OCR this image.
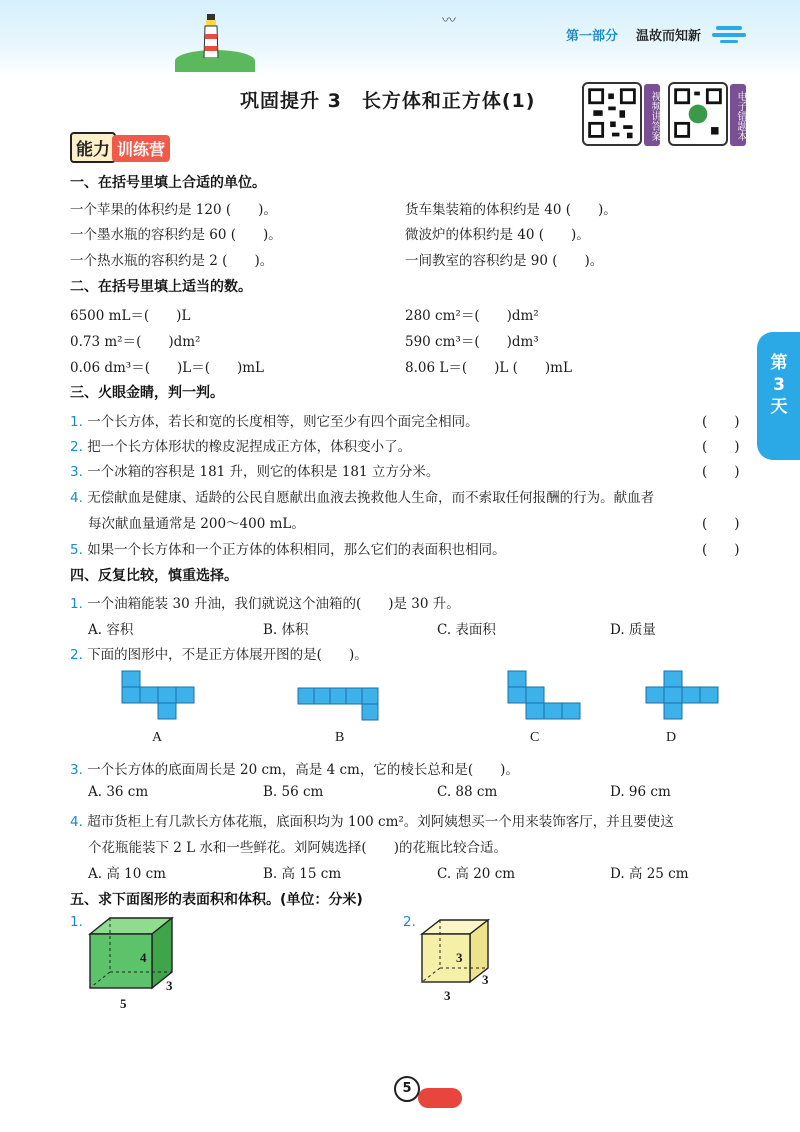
〰
第一部分 温故而知新
巩固提升 3　长方体和正方体(1)	视频讲答案	电子错题本
能力 训练营
第
3
天
一、在括号里填上合适的单位。
一个苹果的体积约是 120 (　　)。	货车集装箱的体积约是 40 (　　)。
一个墨水瓶的容积约是 60 (　　)。	微波炉的体积约是 40 (　　)。
一个热水瓶的容积约是 2 (　　)。	一间教室的容积约是 90 (　　)。
二、在括号里填上适当的数。
6500 mL＝(　　)L	280 cm²＝(　　)dm²
0.73 m²＝(　　)dm²	590 cm³＝(　　)dm³
0.06 dm³＝(　　)L＝(　　)mL	8.06 L＝(　　)L (　　)mL
三、火眼金睛，判一判。
1. 一个长方体，若长和宽的长度相等，则它至少有四个面完全相同。	(　　)
2. 把一个长方体形状的橡皮泥捏成正方体，体积变小了。	(　　)
3. 一个冰箱的容积是 181 升，则它的体积是 181 立方分米。	(　　)
4. 无偿献血是健康、适龄的公民自愿献出血液去挽救他人生命，而不索取任何报酬的行为。献血者
每次献血量通常是 200～400 mL。	(　　)
5. 如果一个长方体和一个正方体的体积相同，那么它们的表面积也相同。	(　　)
四、反复比较，慎重选择。
1. 一个油箱能装 30 升油，我们就说这个油箱的(　　)是 30 升。
A. 容积	B. 体积	C. 表面积	D. 质量
2. 下面的图形中，不是正方体展开图的是(　　)。
A	B	C	D
3. 一个长方体的底面周长是 20 cm，高是 4 cm，它的棱长总和是(　　)。
A. 36 cm	B. 56 cm	C. 88 cm	D. 96 cm
4. 超市货柜上有几款长方体花瓶，底面积均为 100 cm²。刘阿姨想买一个用来装饰客厅，并且要使这
个花瓶能装下 2 L 水和一些鲜花。刘阿姨选择(　　)的花瓶比较合适。
A. 高 10 cm	B. 高 15 cm	C. 高 20 cm	D. 高 25 cm
五、求下面图形的表面积和体积。(单位：分米)
1.
4
3
5
2.
3
3
3
5
